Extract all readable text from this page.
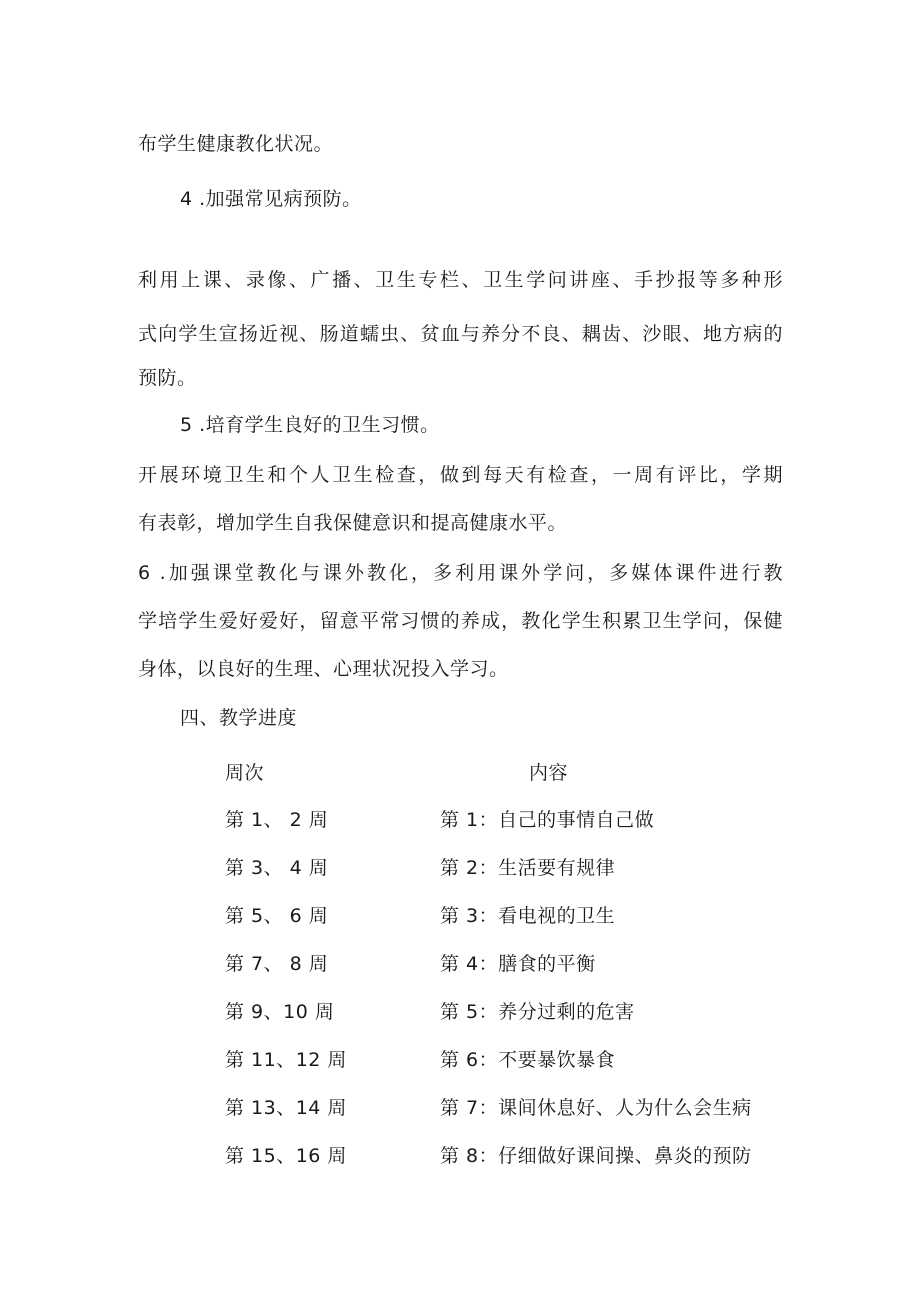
布学生健康教化状况。
4 .加强常见病预防。
利用上课、录像、广播、卫生专栏、卫生学问讲座、手抄报等多种形
式向学生宣扬近视、肠道蠕虫、贫血与养分不良、耦齿、沙眼、地方病的
预防。
5 .培育学生良好的卫生习惯。
开展环境卫生和个人卫生检查，做到每天有检查，一周有评比，学期
有表彰，增加学生自我保健意识和提高健康水平。
6 .加强课堂教化与课外教化，多利用课外学问，多媒体课件进行教
学培学生爱好爱好，留意平常习惯的养成，教化学生积累卫生学问，保健
身体，以良好的生理、心理状况投入学习。
四、教学进度
周次	内容
第 1、 2 周	第 1：自己的事情自己做
第 3、 4 周	第 2：生活要有规律
第 5、 6 周	第 3：看电视的卫生
第 7、 8 周	第 4：膳食的平衡
第 9、10 周	第 5：养分过剩的危害
第 11、12 周	第 6：不要暴饮暴食
第 13、14 周	第 7：课间休息好、人为什么会生病
第 15、16 周	第 8：仔细做好课间操、鼻炎的预防
